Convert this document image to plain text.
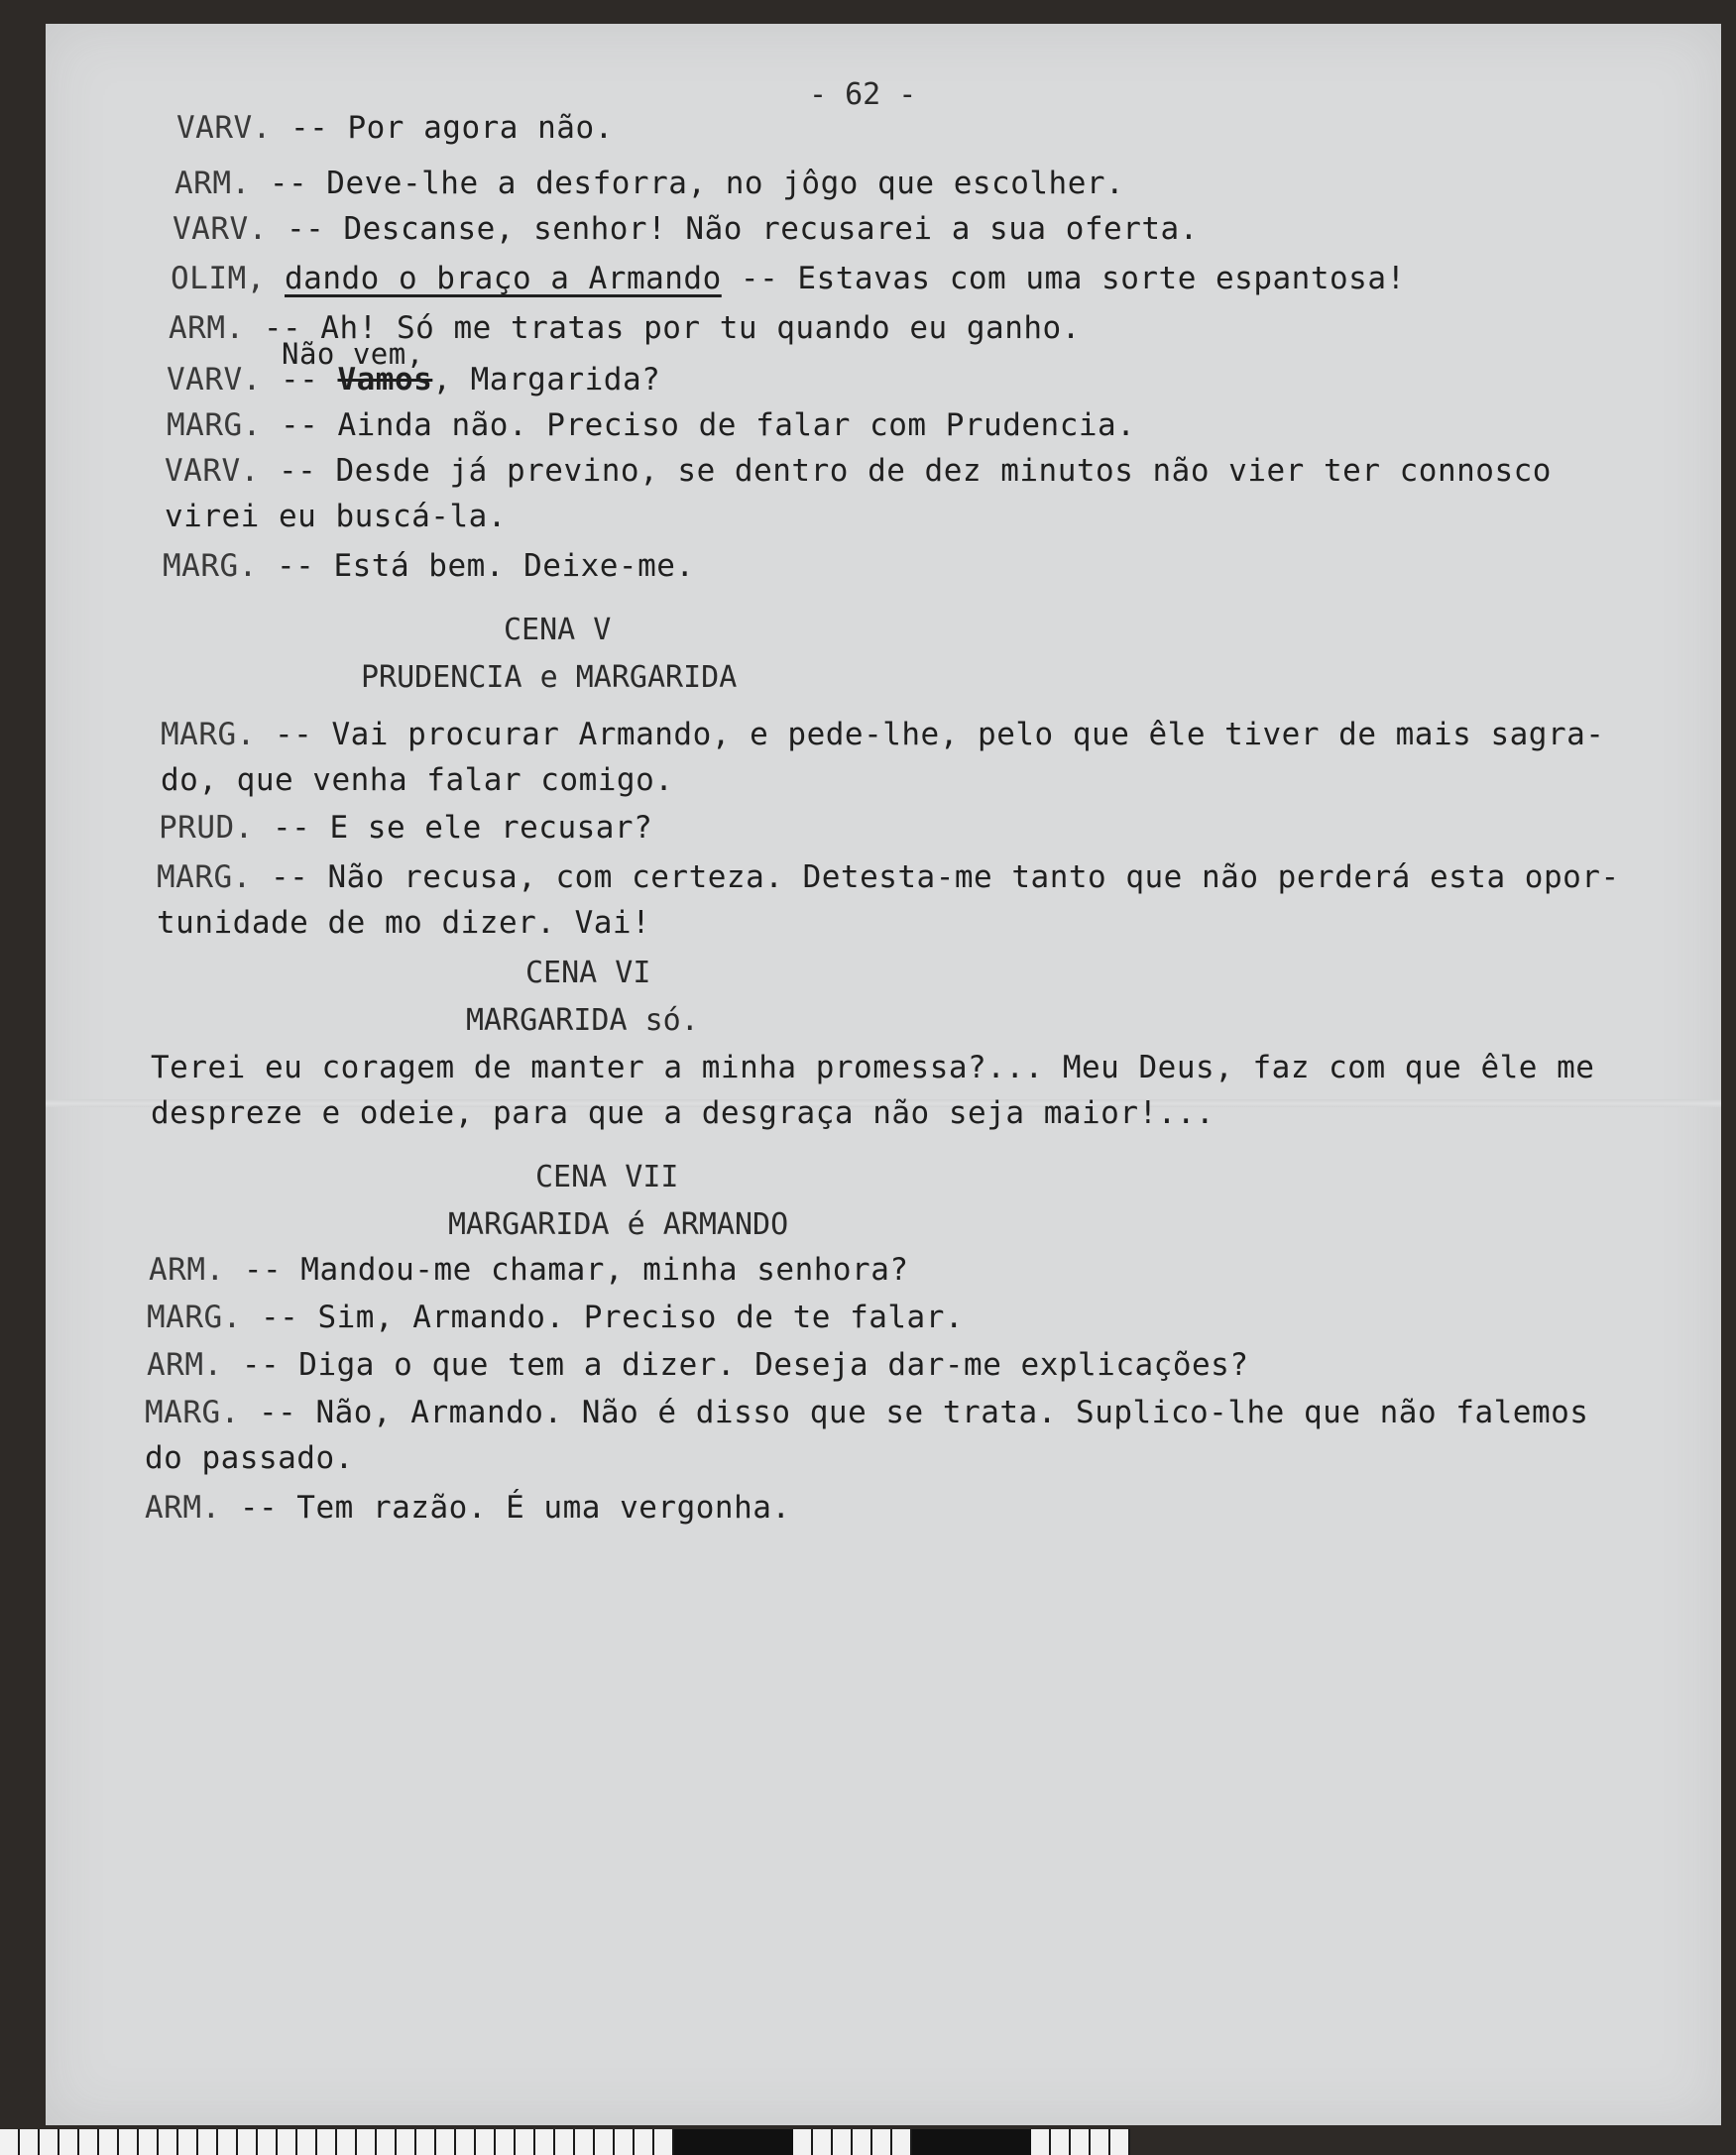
- 62 -
VARV. -- Por agora não.
ARM. -- Deve-lhe a desforra, no jôgo que escolher.
VARV. -- Descanse, senhor! Não recusarei a sua oferta.
OLIM, dando o braço a Armando -- Estavas com uma sorte espantosa!
ARM. -- Ah! Só me tratas por tu quando eu ganho.
Não vem,
VARV. -- Vamos, Margarida?
MARG. -- Ainda não. Preciso de falar com Prudencia.
VARV. -- Desde já previno, se dentro de dez minutos não vier ter connosco
virei eu buscá-la.
MARG. -- Está bem. Deixe-me.
CENA V
PRUDENCIA e MARGARIDA
MARG. -- Vai procurar Armando, e pede-lhe, pelo que êle tiver de mais sagra-
do, que venha falar comigo.
PRUD. -- E se ele recusar?
MARG. -- Não recusa, com certeza. Detesta-me tanto que não perderá esta opor-
tunidade de mo dizer. Vai!
CENA VI
MARGARIDA só.
Terei eu coragem de manter a minha promessa?... Meu Deus, faz com que êle me
despreze e odeie, para que a desgraça não seja maior!...
CENA VII
MARGARIDA é ARMANDO
ARM. -- Mandou-me chamar, minha senhora?
MARG. -- Sim, Armando. Preciso de te falar.
ARM. -- Diga o que tem a dizer. Deseja dar-me explicações?
MARG. -- Não, Armando. Não é disso que se trata. Suplico-lhe que não falemos
do passado.
ARM. -- Tem razão. É uma vergonha.
